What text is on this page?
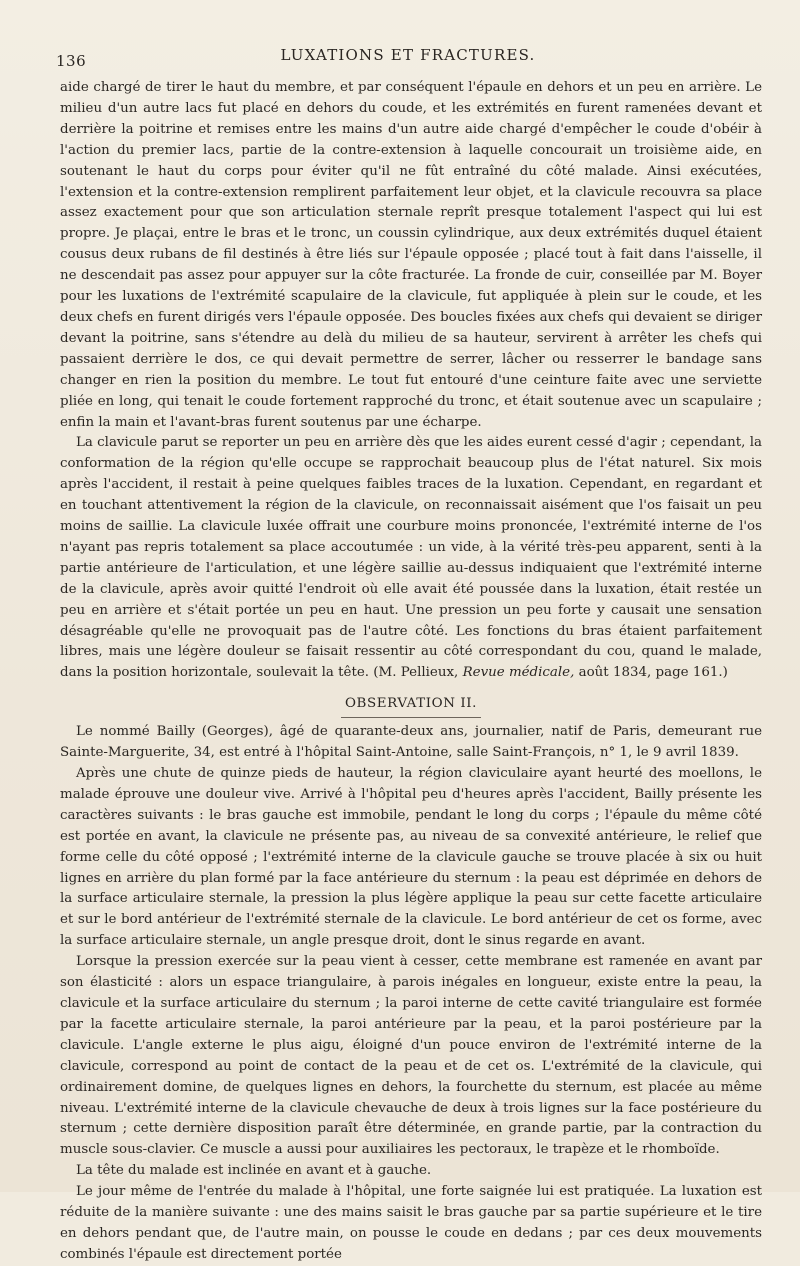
136	LUXATIONS ET FRACTURES.

aide chargé de tirer le haut du membre, et par conséquent l'épaule en dehors et un peu en arrière. Le milieu d'un autre lacs fut placé en dehors du coude, et les extrémités en furent ramenées devant et derrière la poitrine et remises entre les mains d'un autre aide chargé d'empêcher le coude d'obéir à l'action du premier lacs, partie de la contre-extension à laquelle concourait un troisième aide, en soutenant le haut du corps pour éviter qu'il ne fût entraîné du côté malade. Ainsi exécutées, l'extension et la contre-extension remplirent parfaitement leur objet, et la clavicule recouvra sa place assez exactement pour que son articulation sternale reprît presque totalement l'aspect qui lui est propre. Je plaçai, entre le bras et le tronc, un coussin cylindrique, aux deux extrémités duquel étaient cousus deux rubans de fil destinés à être liés sur l'épaule opposée ; placé tout à fait dans l'aisselle, il ne descendait pas assez pour appuyer sur la côte fracturée. La fronde de cuir, conseillée par M. Boyer pour les luxations de l'extrémité scapulaire de la clavicule, fut appliquée à plein sur le coude, et les deux chefs en furent dirigés vers l'épaule opposée. Des boucles fixées aux chefs qui devaient se diriger devant la poitrine, sans s'étendre au delà du milieu de sa hauteur, servirent à arrêter les chefs qui passaient derrière le dos, ce qui devait permettre de serrer, lâcher ou resserrer le bandage sans changer en rien la position du membre. Le tout fut entouré d'une ceinture faite avec une serviette pliée en long, qui tenait le coude fortement rapproché du tronc, et était soutenue avec un scapulaire ; enfin la main et l'avant-bras furent soutenus par une écharpe.

La clavicule parut se reporter un peu en arrière dès que les aides eurent cessé d'agir ; cependant, la conformation de la région qu'elle occupe se rapprochait beaucoup plus de l'état naturel. Six mois après l'accident, il restait à peine quelques faibles traces de la luxation. Cependant, en regardant et en touchant attentivement la région de la clavicule, on reconnaissait aisément que l'os faisait un peu moins de saillie. La clavicule luxée offrait une courbure moins prononcée, l'extrémité interne de l'os n'ayant pas repris totalement sa place accoutumée : un vide, à la vérité très-peu apparent, senti à la partie antérieure de l'articulation, et une légère saillie au-dessus indiquaient que l'extrémité interne de la clavicule, après avoir quitté l'endroit où elle avait été poussée dans la luxation, était restée un peu en arrière et s'était portée un peu en haut. Une pression un peu forte y causait une sensation désagréable qu'elle ne provoquait pas de l'autre côté. Les fonctions du bras étaient parfaitement libres, mais une légère douleur se faisait ressentir au côté correspondant du cou, quand le malade, dans la position horizontale, soulevait la tête. (M. Pellieux, Revue médicale, août 1834, page 161.)

OBSERVATION II.

Le nommé Bailly (Georges), âgé de quarante-deux ans, journalier, natif de Paris, demeurant rue Sainte-Marguerite, 34, est entré à l'hôpital Saint-Antoine, salle Saint-François, n° 1, le 9 avril 1839.

Après une chute de quinze pieds de hauteur, la région claviculaire ayant heurté des moellons, le malade éprouve une douleur vive. Arrivé à l'hôpital peu d'heures après l'accident, Bailly présente les caractères suivants : le bras gauche est immobile, pendant le long du corps ; l'épaule du même côté est portée en avant, la clavicule ne présente pas, au niveau de sa convexité antérieure, le relief que forme celle du côté opposé ; l'extrémité interne de la clavicule gauche se trouve placée à six ou huit lignes en arrière du plan formé par la face antérieure du sternum : la peau est déprimée en dehors de la surface articulaire sternale, la pression la plus légère applique la peau sur cette facette articulaire et sur le bord antérieur de l'extrémité sternale de la clavicule. Le bord antérieur de cet os forme, avec la surface articulaire sternale, un angle presque droit, dont le sinus regarde en avant.

Lorsque la pression exercée sur la peau vient à cesser, cette membrane est ramenée en avant par son élasticité : alors un espace triangulaire, à parois inégales en longueur, existe entre la peau, la clavicule et la surface articulaire du sternum ; la paroi interne de cette cavité triangulaire est formée par la facette articulaire sternale, la paroi antérieure par la peau, et la paroi postérieure par la clavicule. L'angle externe le plus aigu, éloigné d'un pouce environ de l'extrémité interne de la clavicule, correspond au point de contact de la peau et de cet os. L'extrémité de la clavicule, qui ordinairement domine, de quelques lignes en dehors, la fourchette du sternum, est placée au même niveau. L'extrémité interne de la clavicule chevauche de deux à trois lignes sur la face postérieure du sternum ; cette dernière disposition paraît être déterminée, en grande partie, par la contraction du muscle sous-clavier. Ce muscle a aussi pour auxiliaires les pectoraux, le trapèze et le rhomboïde.

La tête du malade est inclinée en avant et à gauche.

Le jour même de l'entrée du malade à l'hôpital, une forte saignée lui est pratiquée. La luxation est réduite de la manière suivante : une des mains saisit le bras gauche par sa partie supérieure et le tire en dehors pendant que, de l'autre main, on pousse le coude en dedans ; par ces deux mouvements combinés l'épaule est directement portée
